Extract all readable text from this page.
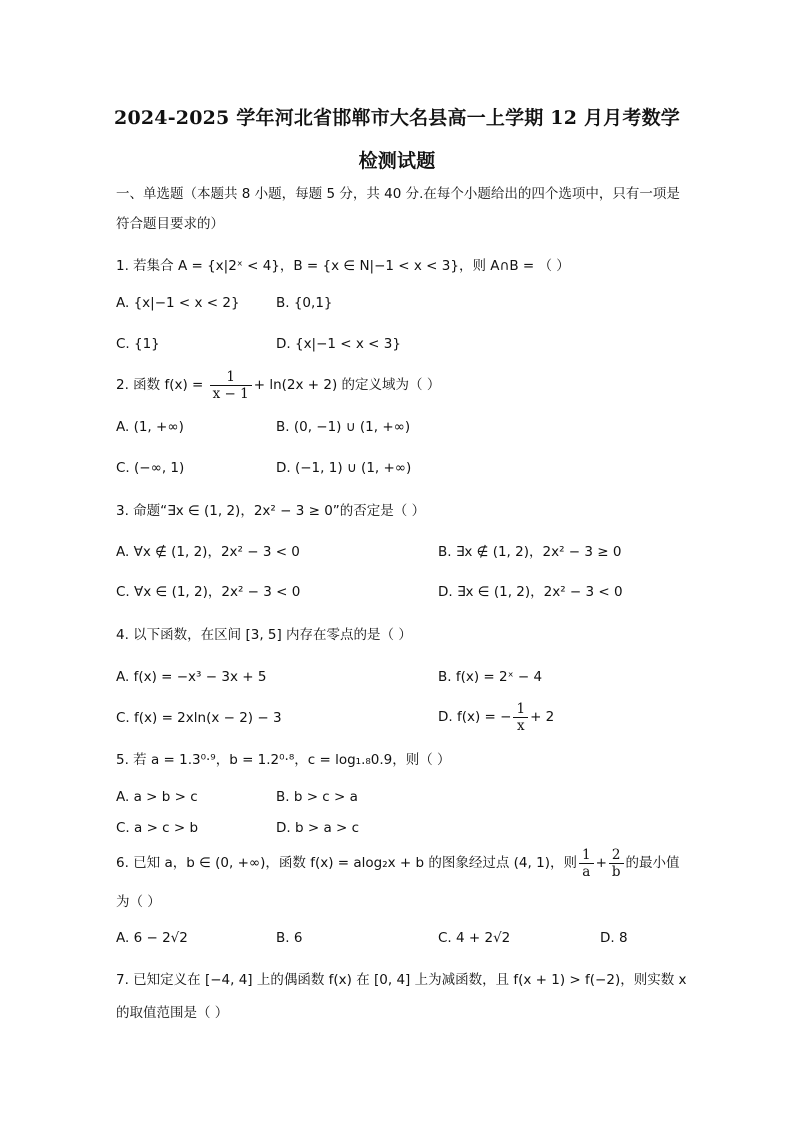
2024-2025 学年河北省邯郸市大名县高一上学期 12 月月考数学
检测试题
一、单选题（本题共 8 小题，每题 5 分，共 40 分.在每个小题给出的四个选项中，只有一项是
符合题目要求的）
1. 若集合 A = {x|2ˣ < 4}，B = {x ∈ N|−1 < x < 3}，则 A∩B = （ ）
A. {x|−1 < x < 2}	B. {0,1}
C. {1}	D. {x|−1 < x < 3}
2. 函数 $f(x) = \frac{1}{x - 1} + \ln(2x + 2)$ 的定义域为（ ）
A. (1, +∞)	B. (0, −1) ∪ (1, +∞)
C. (−∞, 1)	D. (−1, 1) ∪ (1, +∞)
3. 命题“∃x ∈ (1, 2)，2x² − 3 ≥ 0”的否定是（ ）
A. ∀x ∉ (1, 2)，2x² − 3 < 0	B. ∃x ∉ (1, 2)，2x² − 3 ≥ 0
C. ∀x ∈ (1, 2)，2x² − 3 < 0	D. ∃x ∈ (1, 2)，2x² − 3 < 0
4. 以下函数，在区间 [3, 5] 内存在零点的是（ ）
A. f(x) = −x³ − 3x + 5	B. f(x) = 2ˣ − 4
C. f(x) = 2xln(x − 2) − 3	D. f(x) = − $\frac{1}{x} + 2$
5. 若 a = 1.3⁰·⁹，b = 1.2⁰·⁸，c = log₁.₈0.9，则（ ）
A. a > b > c	B. b > c > a
C. a > c > b	D. b > a > c
6. 已知 a，b ∈ (0, +∞)，函数 f(x) = alog₂x + b 的图象经过点 (4, 1)，则 $\frac{1}{a} + \frac{2}{b}$ 的最小值
为（ ）
A. 6 − 2√2	B. 6	C. 4 + 2√2	D. 8
7. 已知定义在 [−4, 4] 上的偶函数 f(x) 在 [0, 4] 上为减函数，且 f(x + 1) > f(−2)，则实数 x
的取值范围是（ ）
